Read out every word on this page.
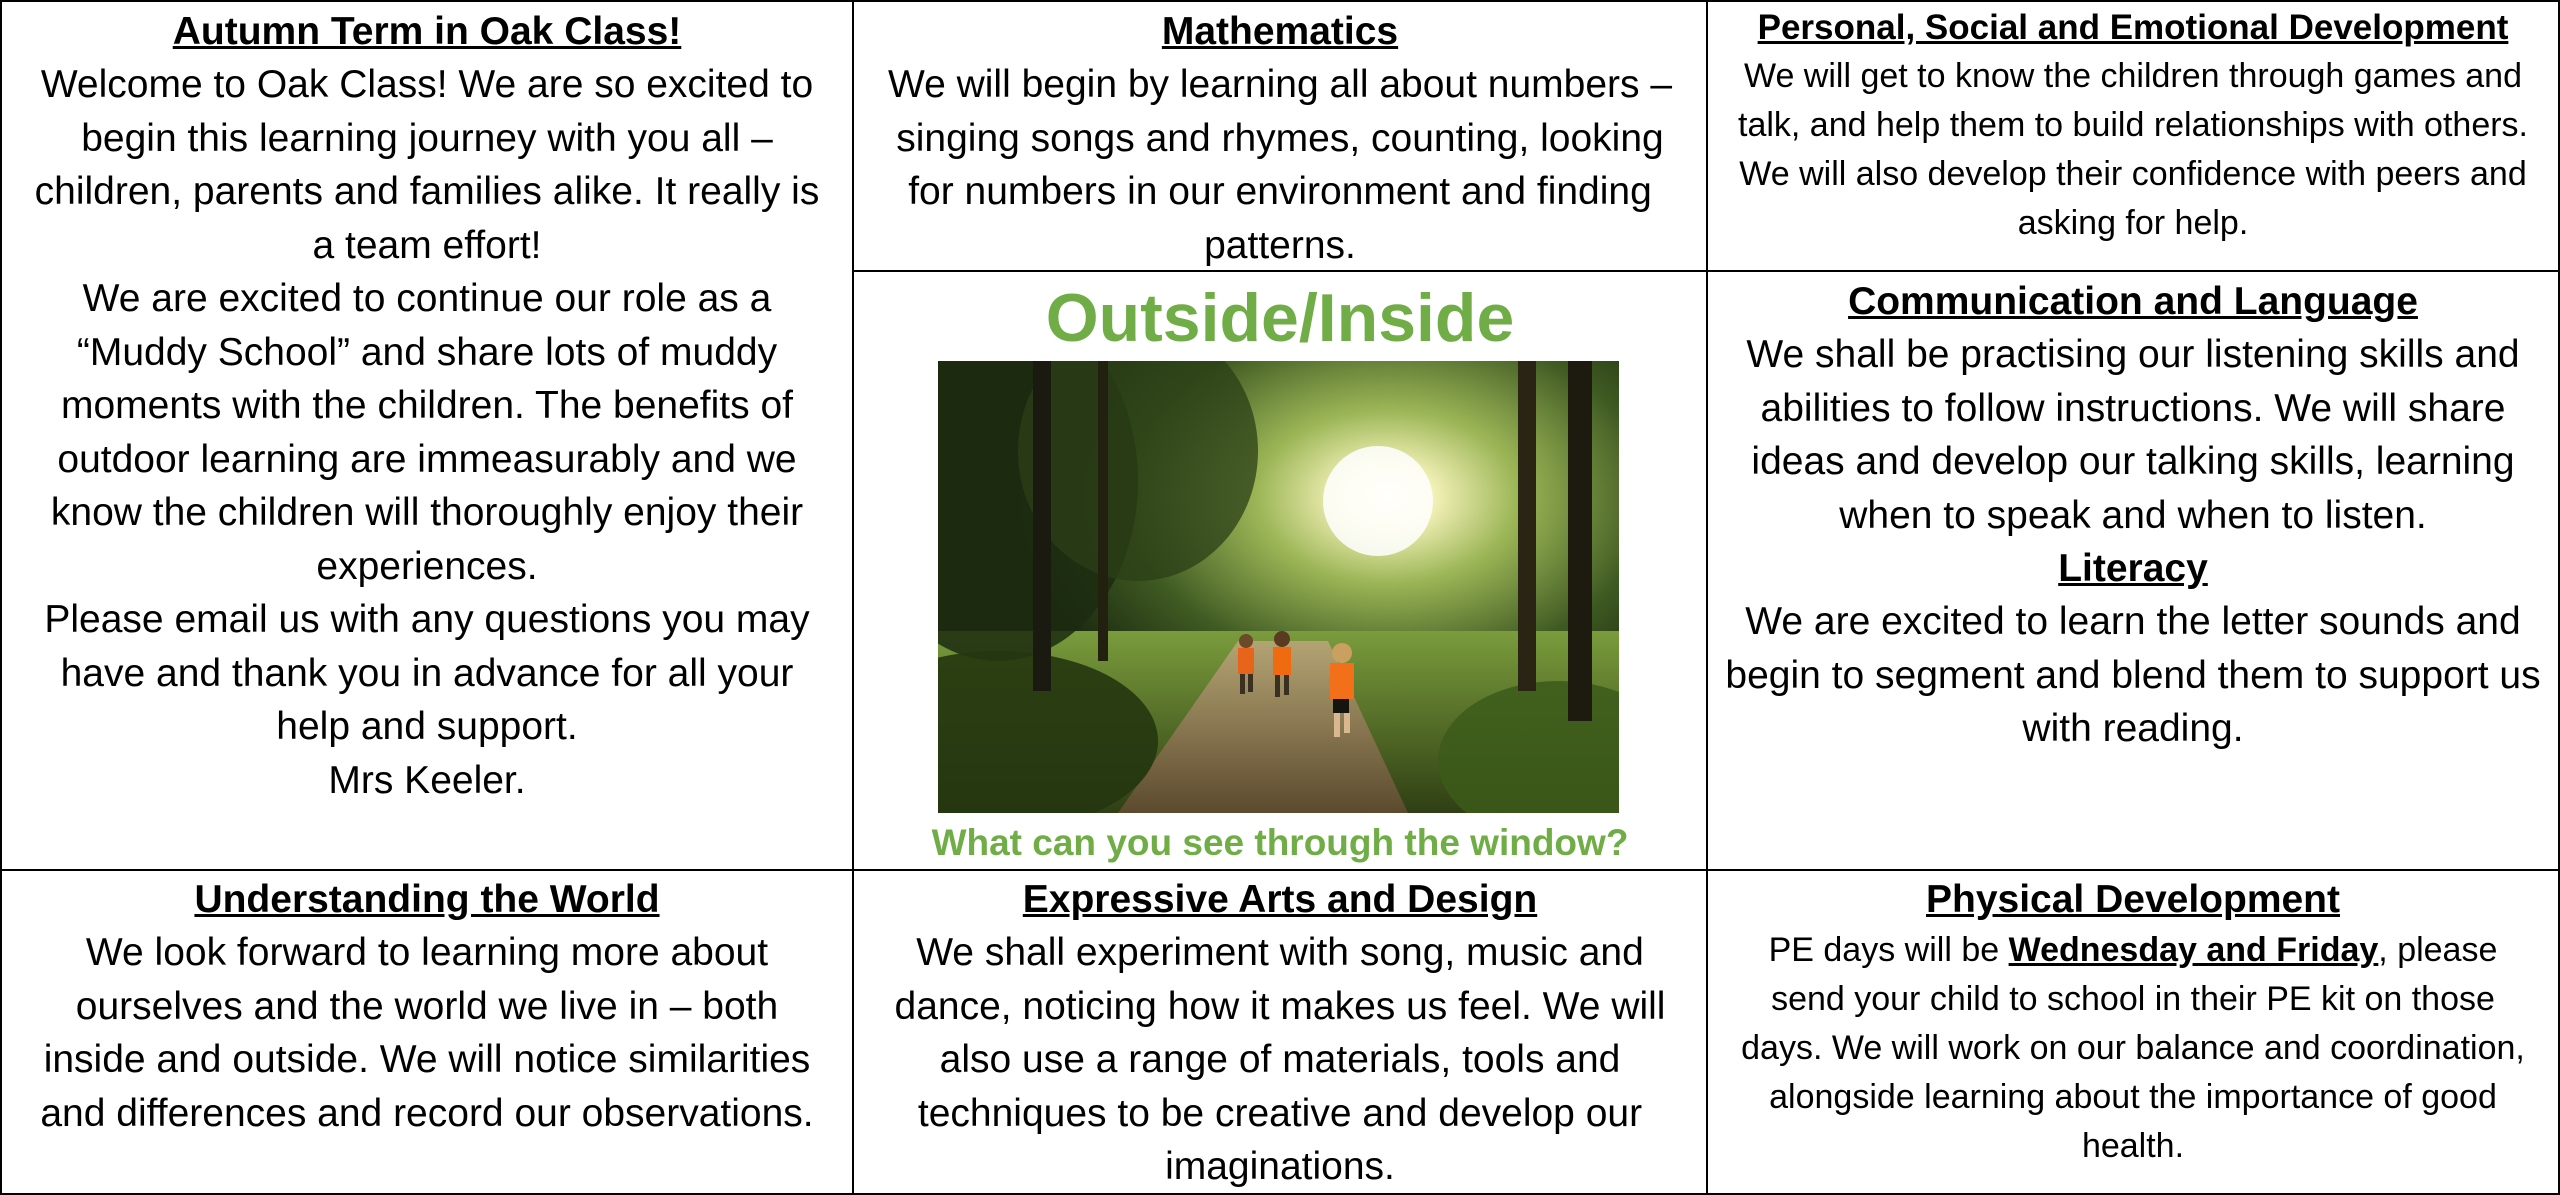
Autumn Term in Oak Class!

Welcome to Oak Class! We are so excited to begin this learning journey with you all – children, parents and families alike. It really is a team effort!

We are excited to continue our role as a “Muddy School” and share lots of muddy moments with the children. The benefits of outdoor learning are immeasurably and we know the children will thoroughly enjoy their experiences.

Please email us with any questions you may have and thank you in advance for all your help and support.

Mrs Keeler.

Mathematics

We will begin by learning all about numbers – singing songs and rhymes, counting, looking for numbers in our environment and finding patterns.

Personal, Social and Emotional Development

We will get to know the children through games and talk, and help them to build relationships with others. We will also develop their confidence with peers and asking for help.

Outside/Inside

What can you see through the window?

Communication and Language

We shall be practising our listening skills and abilities to follow instructions. We will share ideas and develop our talking skills, learning when to speak and when to listen.

Literacy

We are excited to learn the letter sounds and begin to segment and blend them to support us with reading.

Understanding the World

We look forward to learning more about ourselves and the world we live in – both inside and outside. We will notice similarities and differences and record our observations.

Expressive Arts and Design

We shall experiment with song, music and dance, noticing how it makes us feel. We will also use a range of materials, tools and techniques to be creative and develop our imaginations.

Physical Development

PE days will be Wednesday and Friday, please send your child to school in their PE kit on those days. We will work on our balance and coordination, alongside learning about the importance of good health.
